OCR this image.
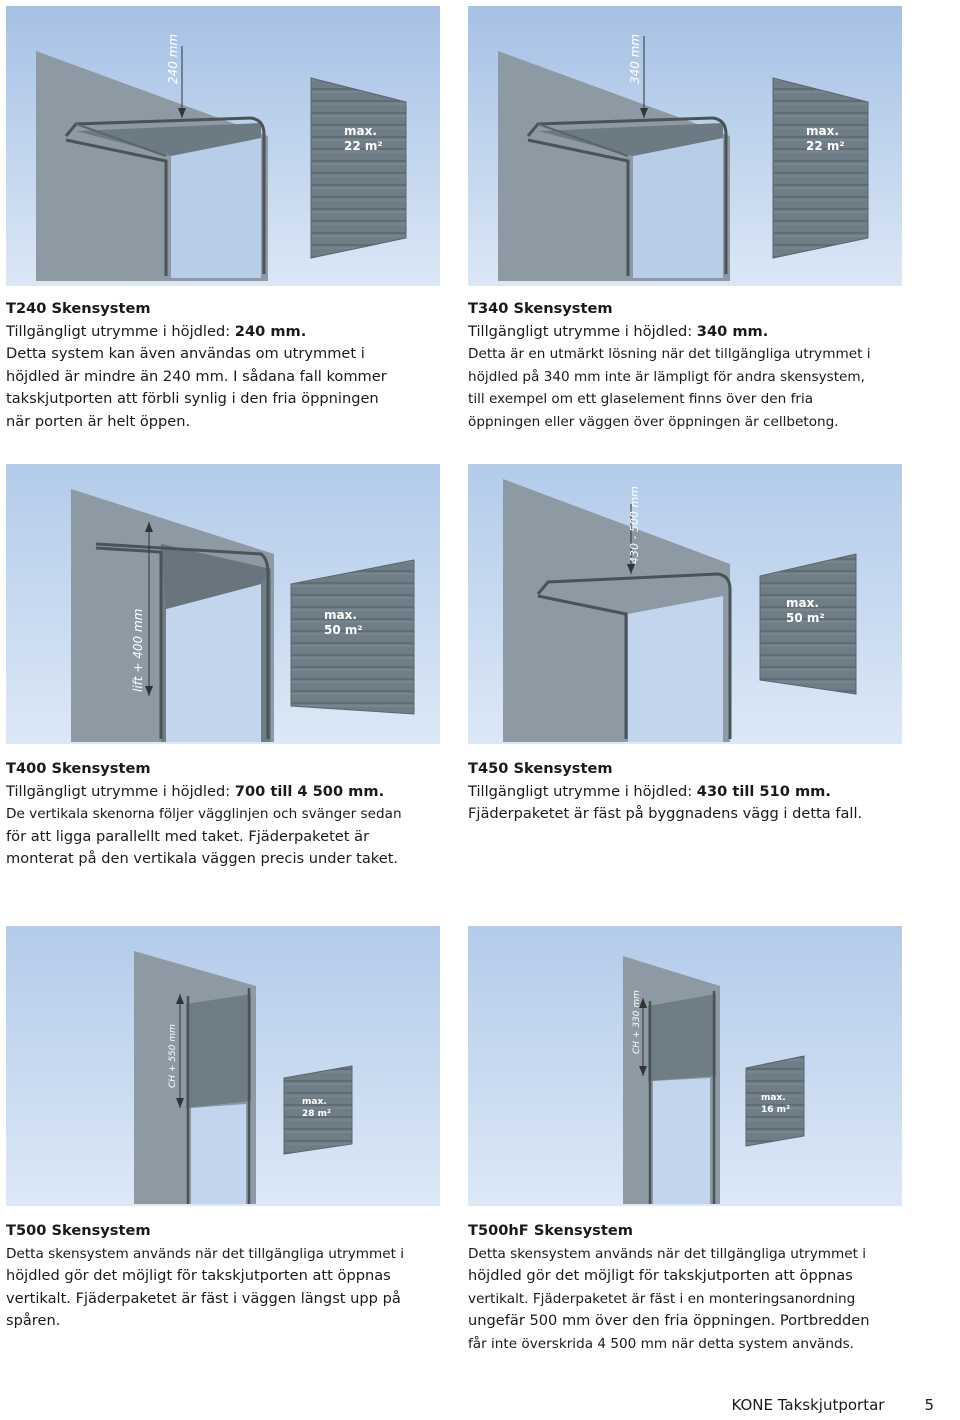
240 mm
max.
22 m²
340 mm
max.
22 m²
T240 Skensystem
Tillgängligt utrymme i höjdled: 240 mm.
Detta system kan även användas om utrymmet i
höjdled är mindre än 240 mm. I sådana fall kommer
takskjutporten att förbli synlig i den fria öppningen
när porten är helt öppen.
T340 Skensystem
Tillgängligt utrymme i höjdled: 340 mm.
Detta är en utmärkt lösning när det tillgängliga utrymmet i
höjdled på 340 mm inte är lämpligt för andra skensystem,
till exempel om ett glaselement finns över den fria
öppningen eller väggen över öppningen är cellbetong.
lift + 400 mm	max.
50 m²
430 - 500 mm
max.
50 m²
T400 Skensystem
Tillgängligt utrymme i höjdled: 700 till 4 500 mm.
De vertikala skenorna följer vägglinjen och svänger sedan
för att ligga parallellt med taket. Fjäderpaketet är
monterat på den vertikala väggen precis under taket.
T450 Skensystem
Tillgängligt utrymme i höjdled: 430 till 510 mm.
Fjäderpaketet är fäst på byggnadens vägg i detta fall.
CH + 550 mm
max.
28 m²
CH + 330 mm
max.
16 m²
T500 Skensystem
Detta skensystem används när det tillgängliga utrymmet i
höjdled gör det möjligt för takskjutporten att öppnas
vertikalt. Fjäderpaketet är fäst i väggen längst upp på
spåren.
T500hF Skensystem
Detta skensystem används när det tillgängliga utrymmet i
höjdled gör det möjligt för takskjutporten att öppnas
vertikalt. Fjäderpaketet är fäst i en monteringsanordning
ungefär 500 mm över den fria öppningen. Portbredden
får inte överskrida 4 500 mm när detta system används.
KONE Takskjutportar	5
